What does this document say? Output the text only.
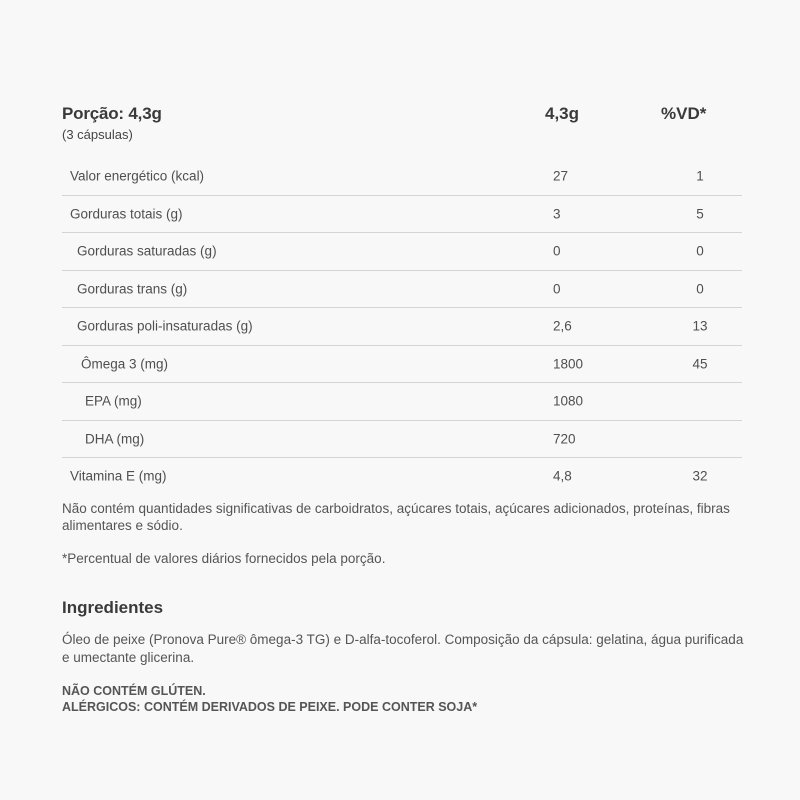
Porção: 4,3g
(3 cápsulas)
4,3g	%VD*
Valor energético (kcal)	27	1
Gorduras totais (g)	3	5
Gorduras saturadas (g)	0	0
Gorduras trans (g)	0	0
Gorduras poli-insaturadas (g)	2,6	13
Ômega 3 (mg)	1800	45
EPA (mg)	1080
DHA (mg)	720
Vitamina E (mg)	4,8	32
Não contém quantidades significativas de carboidratos, açúcares totais, açúcares adicionados, proteínas, fibras alimentares e sódio.
*Percentual de valores diários fornecidos pela porção.
Ingredientes
Óleo de peixe (Pronova Pure® ômega-3 TG) e D-alfa-tocoferol. Composição da cápsula: gelatina, água purificada e umectante glicerina.
NÃO CONTÉM GLÚTEN.
ALÉRGICOS: CONTÉM DERIVADOS DE PEIXE. PODE CONTER SOJA*
